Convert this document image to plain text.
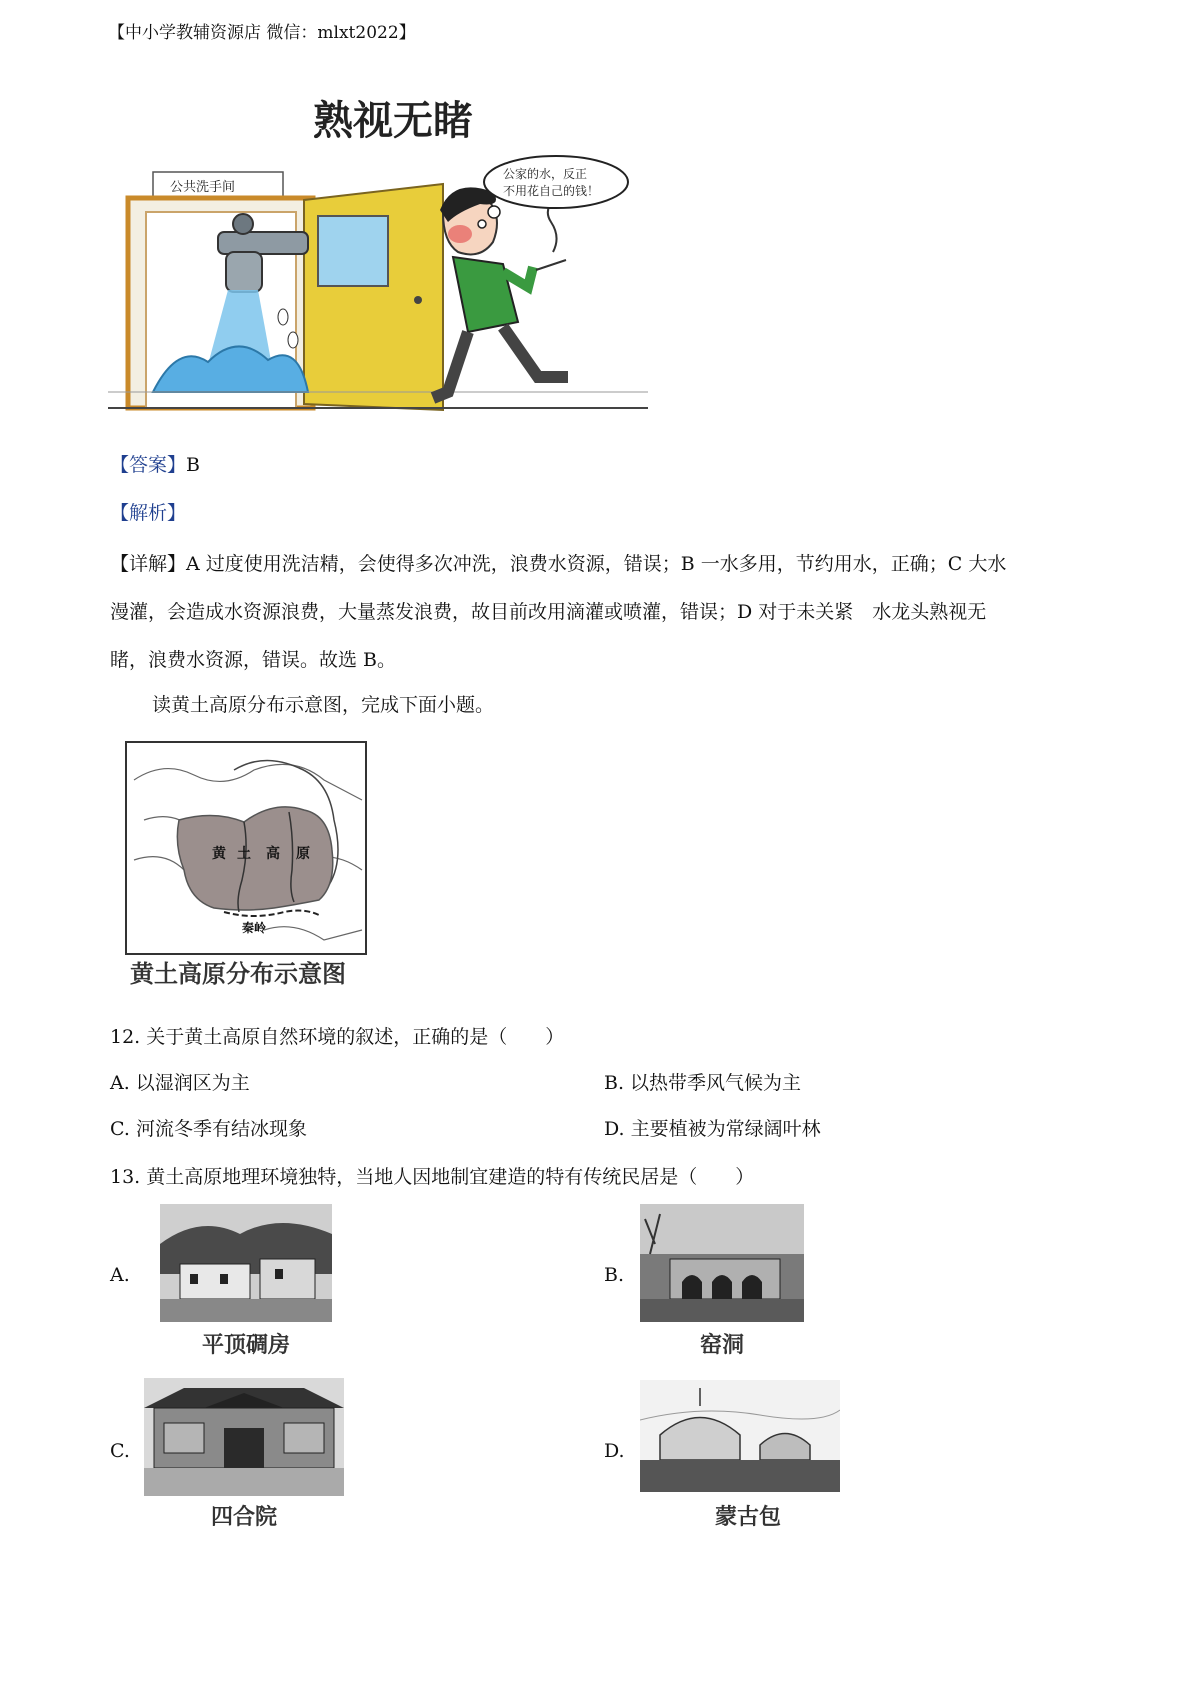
【中小学教辅资源店 微信：mlxt2022】
熟视无睹
公共洗手间
公家的水，反正
不用花自己的钱！
【答案】B
【解析】
【详解】A 过度使用洗洁精，会使得多次冲洗，浪费水资源，错误；B 一水多用，节约用水，正确；C 大水
漫灌，会造成水资源浪费，大量蒸发浪费，故目前改用滴灌或喷灌，错误；D 对于未关紧　水龙头熟视无
睹，浪费水资源，错误。故选 B。
读黄土高原分布示意图，完成下面小题。
黄 土 高 原
秦岭
黄土高原分布示意图
12. 关于黄土高原自然环境的叙述，正确的是（　　）
A. 以湿润区为主	B. 以热带季风气候为主
C. 河流冬季有结冰现象	D. 主要植被为常绿阔叶林
13. 黄土高原地理环境独特，当地人因地制宜建造的特有传统民居是（　　）
A.
平顶碉房
B.
窑洞
C.
四合院
D.
蒙古包
